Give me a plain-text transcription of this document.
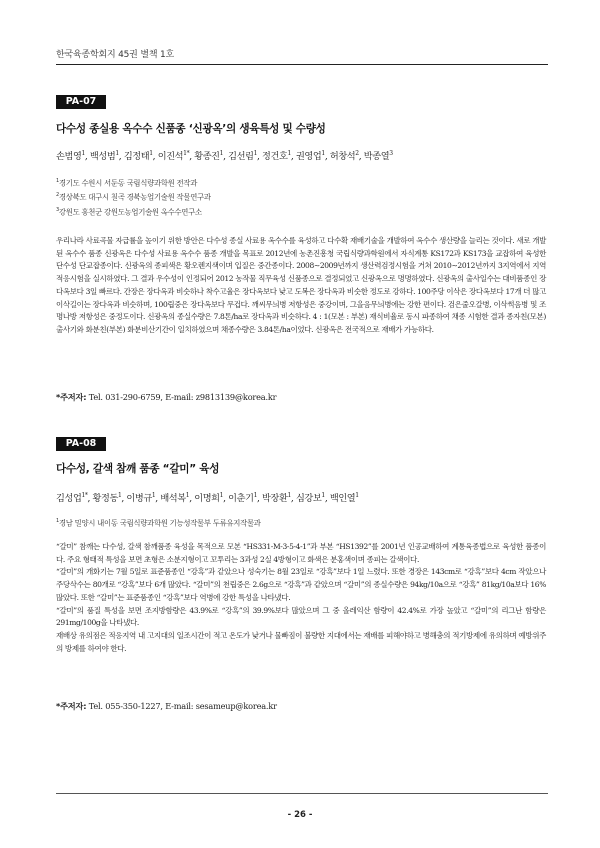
한국육종학회지 45권 별책 1호
PA-07
다수성 종실용 옥수수 신품종 ‘신광옥’의 생육특성 및 수량성
손범영$^1$, 백성범$^1$, 김정태$^1$, 이진석$^{1*}$, 황종진$^1$, 김선림$^1$, 정건호$^1$, 권영업$^1$, 허창석$^2$, 박종열$^3$
$^1$경기도 수원시 서둔동 국립식량과학원 전작과
$^2$경상북도 대구시 칠곡 경북농업기술원 작물연구과
$^3$강원도 홍천군 강원도농업기술원 옥수수연구소

우리나라 사료곡물 자급률을 높이기 위한 방안은 다수성 종실 사료용 옥수수를 육성하고 다수확 재배기술을 개발하여 옥수수 생산량을 늘리는 것이다. 새로 개발된 옥수수 품종 신광옥은 다수성 사료용 옥수수 품종 개발을 목표로 2012년에 농촌진흥청 국립식량과학원에서 자식계통 KS172과 KS173을 교잡하여 육성한 단수성 단교잡종이다. 신광옥의 종피색은 황오렌지색이며 입질은 중간종이다. 2008∼2009년까지 생산력검정시험을 거쳐 2010∼2012년까지 3지역에서 지역적응시험을 실시하였다. 그 결과 우수성이 인정되어 2012 농작물 직무육성 신품종으로 결정되었고 신광옥으로 명명하였다. 신광옥의 출사일수는 대비품종인 장다옥보다 3일 빠르다. 간장은 장다옥과 비슷하나 착수고율은 장다옥보다 낮고 도복은 장다옥과 비슷한 정도로 강하다. 100주당 이삭은 장다옥보다 17개 더 많고 이삭길이는 장다옥과 비슷하며, 100립중은 장다옥보다 무겁다. 깨씨무늬병 저항성은 중강이며, 그을음무늬병에는 강한 편이다. 검은줄오갈병, 이삭썩음병 및 조명나방 저항성은 중정도이다. 신광옥의 종실수량은 7.8톤/ha로 장다옥과 비슷하다. 4 : 1(모본 : 부본) 재식비율로 동시 파종하여 채종 시험한 결과 종자친(모본) 출사기와 화분친(부본) 화분비산기간이 일치하였으며 채종수량은 3.84톤/ha이었다. 신광옥은 전국적으로 재배가 가능하다.

*주저자: Tel. 031-290-6759, E-mail: z9813139@korea.kr
PA-08
다수성, 갈색 참깨 품종 “갈미” 육성
김성업$^{1*}$, 황정동$^1$, 이병규$^1$, 배석복$^1$, 이명희$^1$, 이춘기$^1$, 박장환$^1$, 심강보$^1$, 백인열$^1$
$^1$경남 밀양시 내이동 국립식량과학원 기능성작물부 두류유지작물과

“갈미” 참깨는 다수성, 갈색 참깨품종 육성을 목적으로 모본 “HS331-M-3-5-4-1”과 부본 “HS1392”를 2001년 인공교배하여 계통육종법으로 육성한 품종이다. 주요 형태적 특성을 보면 초형은 소분지형이고 꼬투리는 3과성 2실 4방형이고 화색은 분홍색이며 종피는 갈색이다.

“갈미”의 개화기는 7월 5일로 표준품종인 “강흑”과 같았으나 성숙기는 8월 23일로 “강흑”보다 1일 느렸다. 또한 경장은 143cm로 “강흑”보다 4cm 작았으나 주당삭수는 80개로 “강흑”보다 6개 많았다. “갈미”의 천립중은 2.6g으로 “강흑”과 같았으며 “갈미”의 종실수량은 94kg/10a으로 “강흑” 81kg/10a보다 16% 많았다. 또한 “갈미”는 표준품종인 “강흑”보다 역병에 강한 특성을 나타냈다.

“갈미”의 품질 특성을 보면 조지방함량은 43.9%로 “강흑”의 39.9%보다 많았으며 그 중 올레익산 함량이 42.4%로 가장 높았고 “갈미”의 리그난 함량은 291mg/100g을 나타냈다.

재배상 유의점은 적응지역 내 고지대의 일조시간이 적고 온도가 낮거나 물빠짐이 불량한 지대에서는 재배를 피해야하고 병해충의 적기방제에 유의하며 예방위주의 방제를 하여야 한다.

*주저자: Tel. 055-350-1227, E-mail: sesameup@korea.kr
- 26 -
